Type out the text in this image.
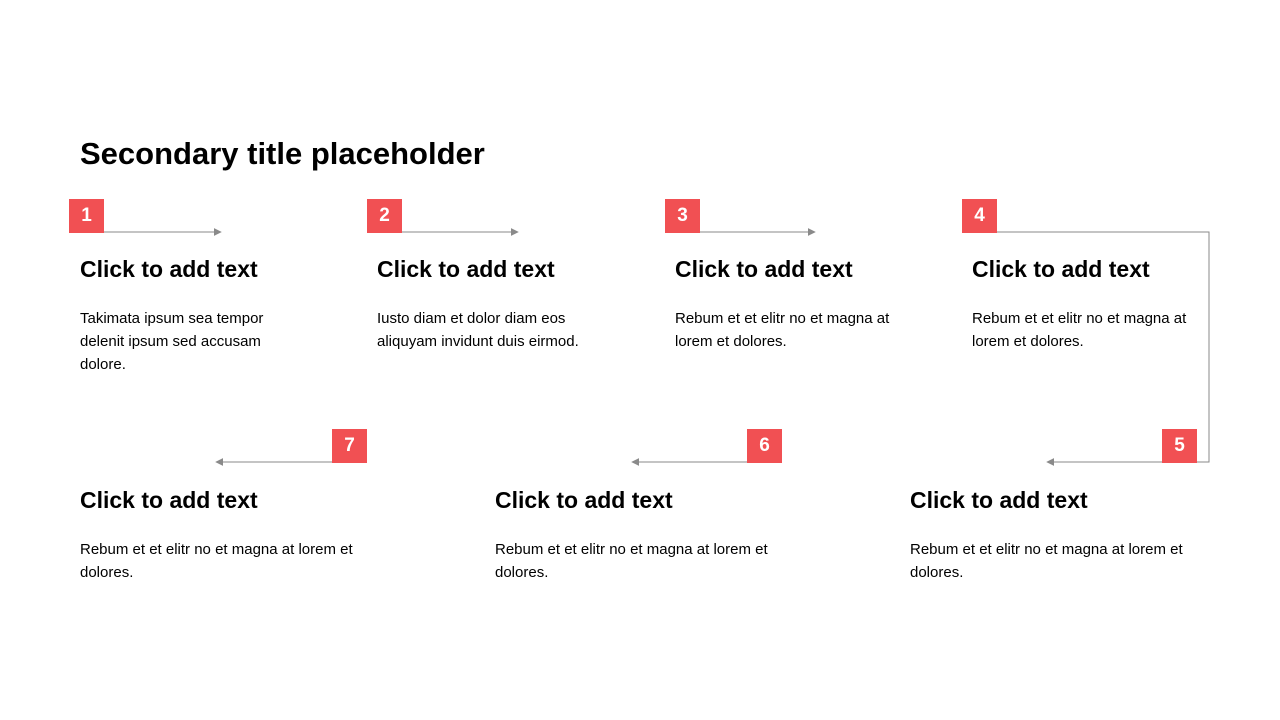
Secondary title placeholder
1
Click to add text

Takimata ipsum sea tempor delenit ipsum sed accusam dolore.

2
Click to add text

Iusto diam et dolor diam eos aliquyam invidunt duis eirmod.

3
Click to add text

Rebum et et elitr no et magna at lorem et dolores.

4
Click to add text

Rebum et et elitr no et magna at lorem et dolores.

5
Click to add text

Rebum et et elitr no et magna at lorem et dolores.

6
Click to add text

Rebum et et elitr no et magna at lorem et dolores.

7
Click to add text

Rebum et et elitr no et magna at lorem et dolores.
